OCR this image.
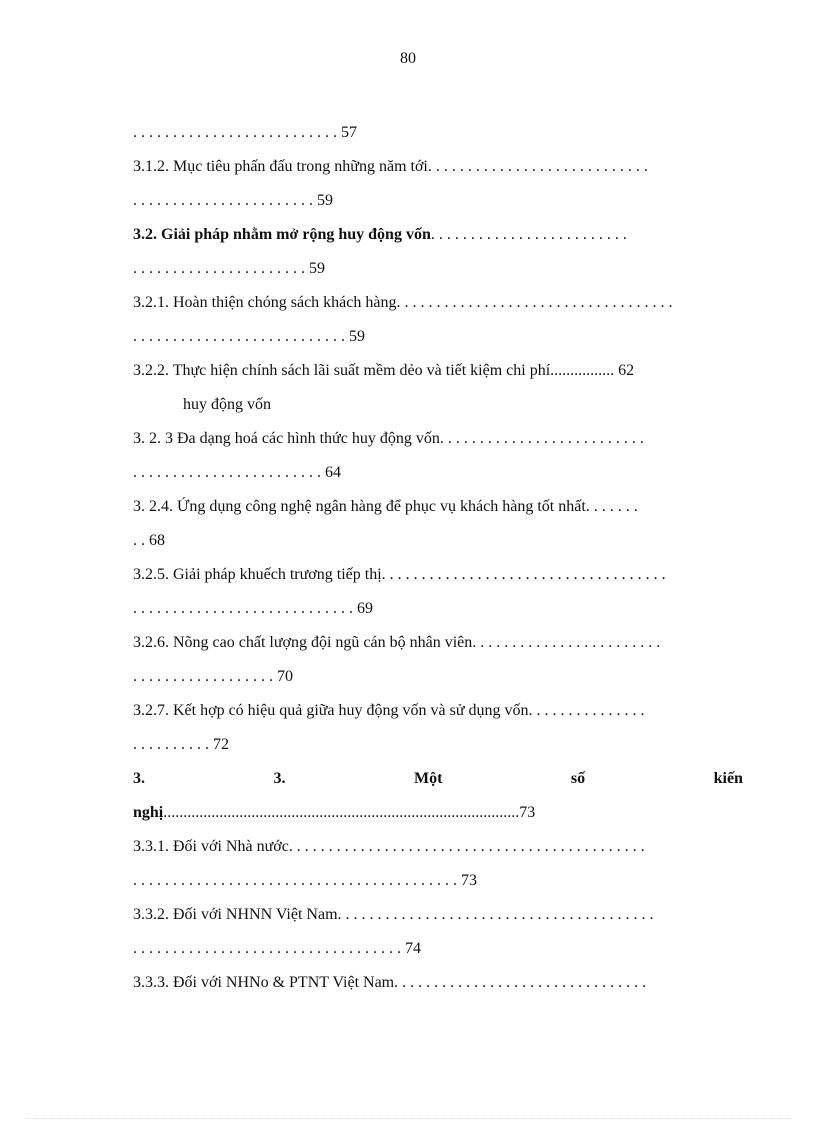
80
. . . . . . . . . . . . . . . . . . . . . . . . . . 57
3.1.2. Mục tiêu phấn đấu trong những năm tới. . . . . . . . . . . . . . . . . . . . . . . . . . . .
. . . . . . . . . . . . . . . . . . . . . . . 59
3.2. Giải pháp nhằm mở rộng huy động vốn. . . . . . . . . . . . . . . . . . . . . . . . .
. . . . . . . . . . . . . . . . . . . . . . 59
3.2.1. Hoàn thiện chóng sách khách hàng. . . . . . . . . . . . . . . . . . . . . . . . . . . . . . . . . . .
. . . . . . . . . . . . . . . . . . . . . . . . . . . 59
3.2.2. Thực hiện chính sách lãi suất mềm dẻo và tiết kiệm chi phí................ 62
huy động vốn
3. 2. 3 Đa dạng hoá các hình thức huy động vốn. . . . . . . . . . . . . . . . . . . . . . . . . .
. . . . . . . . . . . . . . . . . . . . . . . . 64
3. 2.4. Ứng dụng công nghệ ngân hàng để phục vụ khách hàng tốt nhất. . . . . . .
. . 68
3.2.5. Giải pháp khuếch trương tiếp thị. . . . . . . . . . . . . . . . . . . . . . . . . . . . . . . . . . . .
. . . . . . . . . . . . . . . . . . . . . . . . . . . . 69
3.2.6. Nõng cao chất lượng đội ngũ cán bộ nhân viên. . . . . . . . . . . . . . . . . . . . . . . .
. . . . . . . . . . . . . . . . . . 70
3.2.7. Kết hợp có hiệu quả giữa huy động vốn và sử dụng vốn. . . . . . . . . . . . . . .
. . . . . . . . . . 72
3.	3.	Một	số	kiến
nghị.........................................................................................73
3.3.1. Đối với Nhà nước. . . . . . . . . . . . . . . . . . . . . . . . . . . . . . . . . . . . . . . . . . . . .
. . . . . . . . . . . . . . . . . . . . . . . . . . . . . . . . . . . . . . . . . 73
3.3.2. Đối với NHNN Việt Nam. . . . . . . . . . . . . . . . . . . . . . . . . . . . . . . . . . . . . . . .
. . . . . . . . . . . . . . . . . . . . . . . . . . . . . . . . . . 74
3.3.3. Đối với NHNo & PTNT Việt Nam. . . . . . . . . . . . . . . . . . . . . . . . . . . . . . . .
